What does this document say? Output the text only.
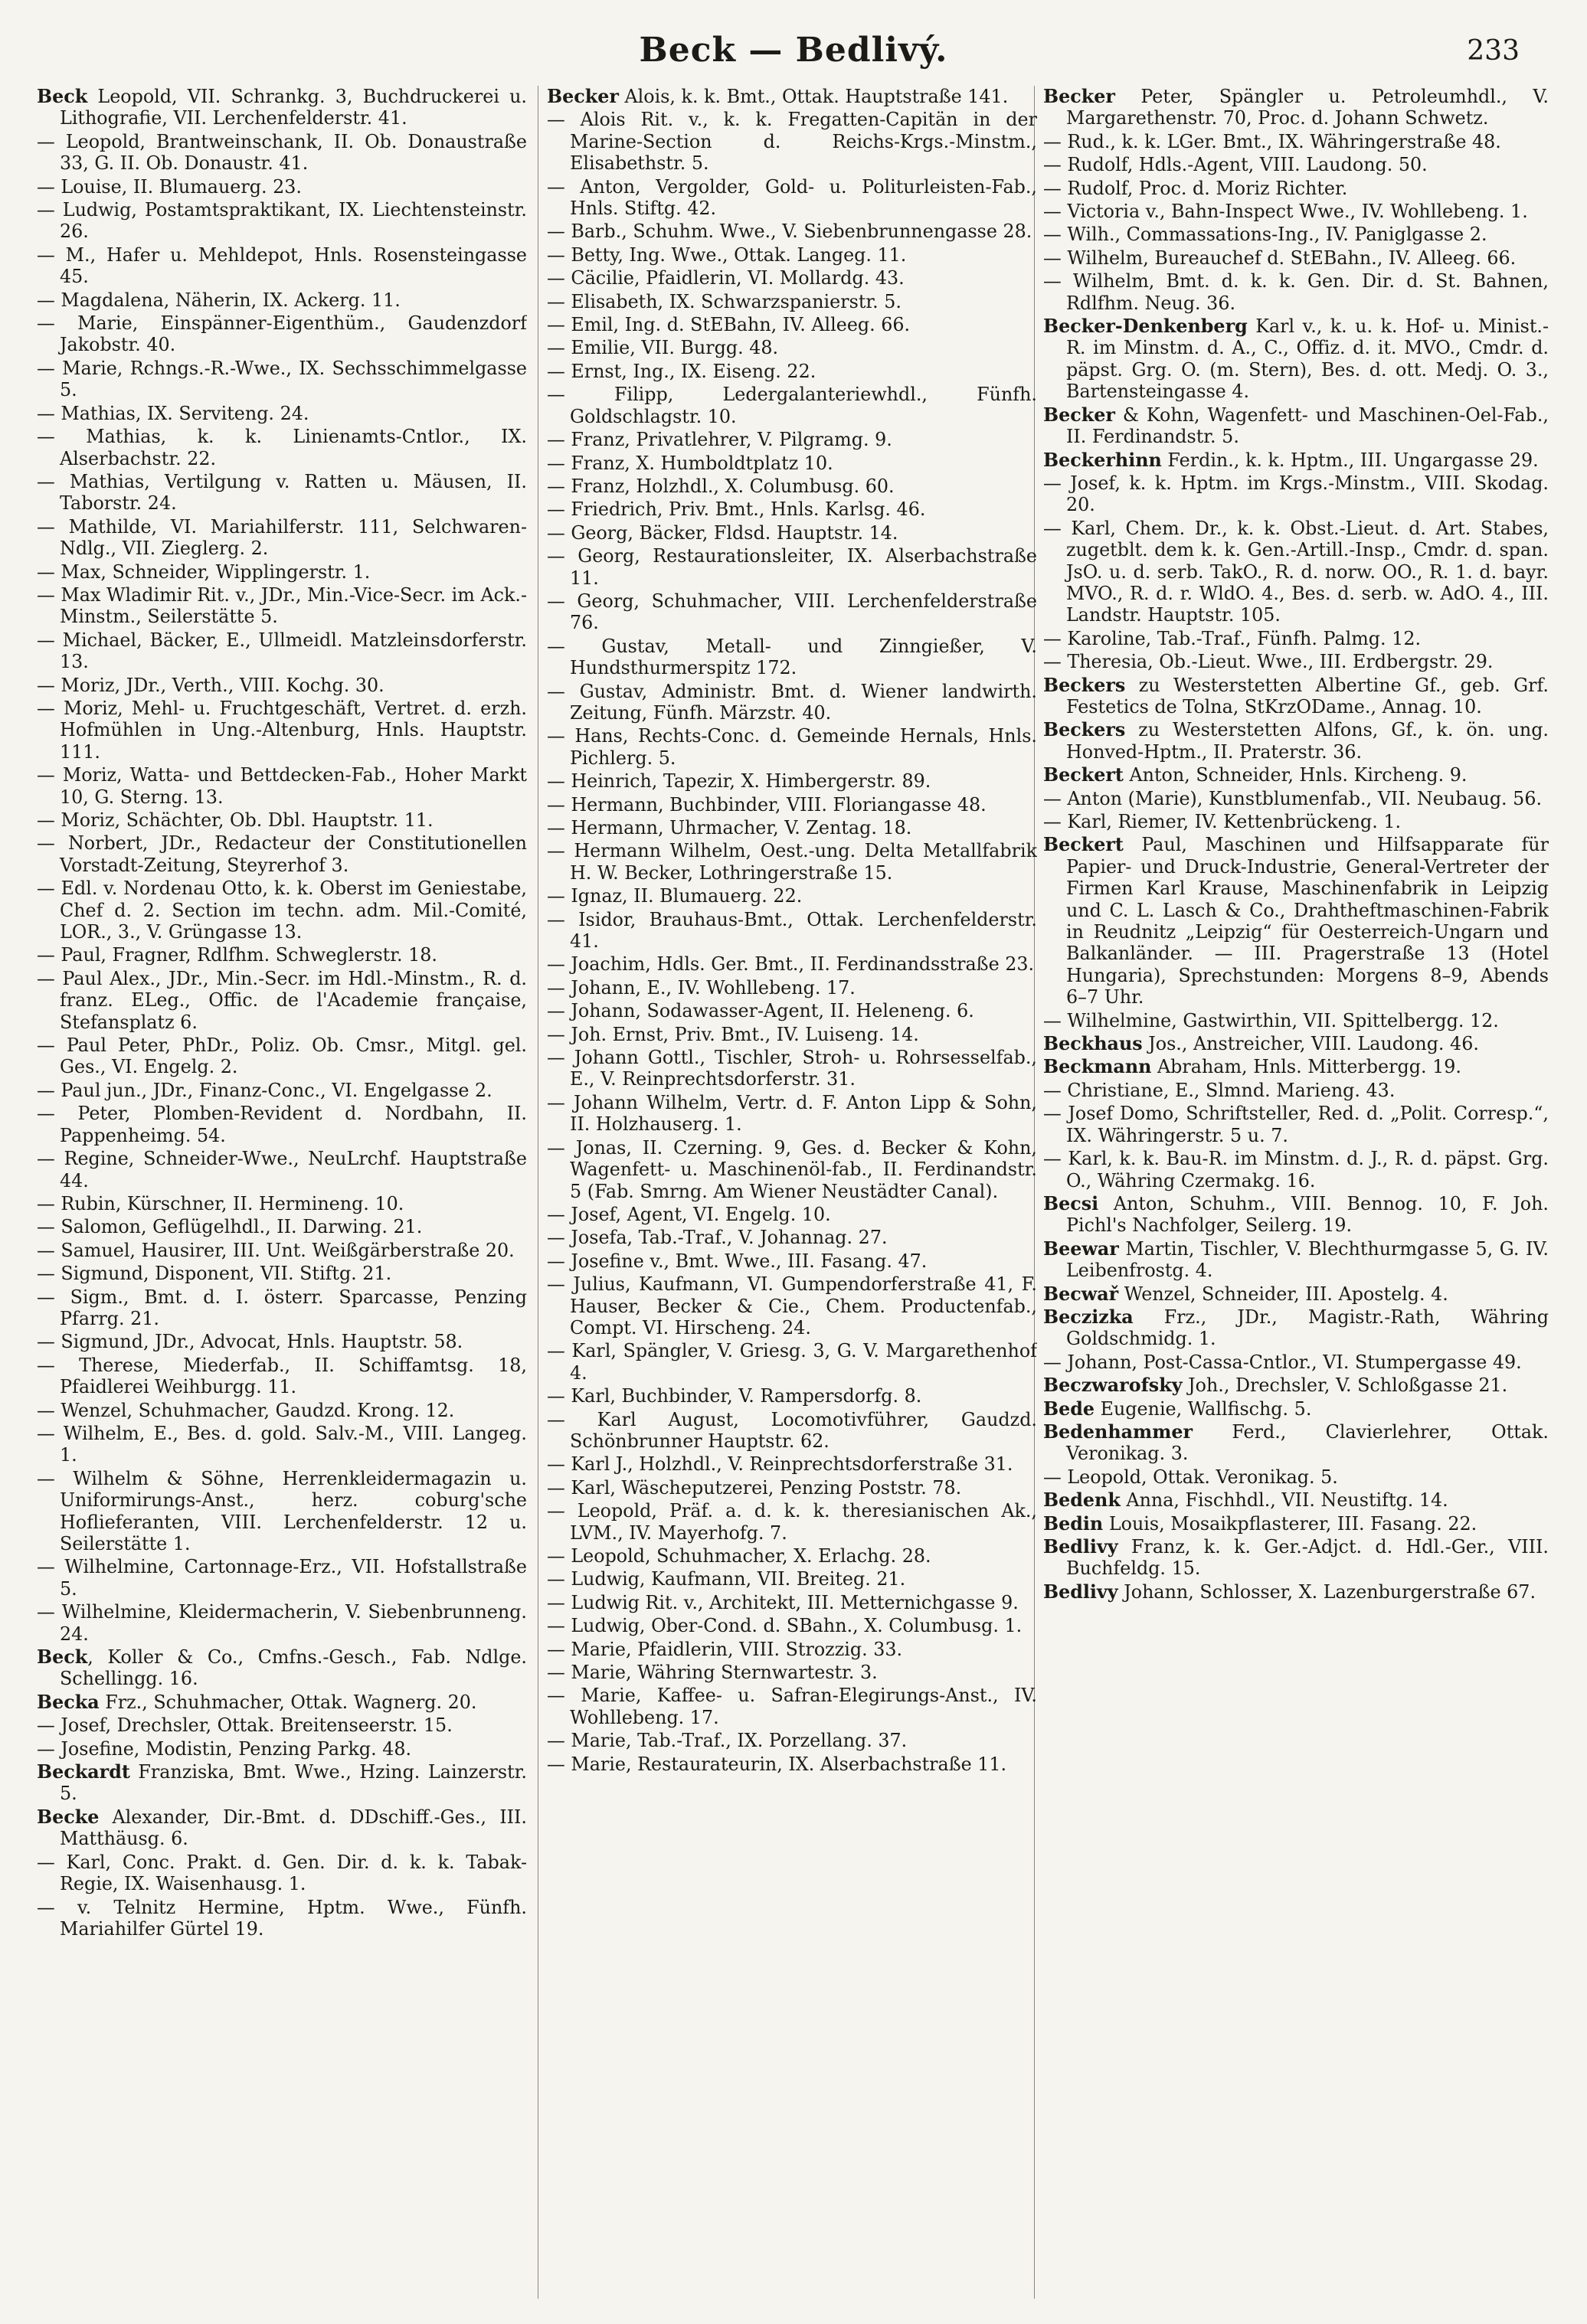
Beck — Bedlivý.	233

Beck Leopold, VII. Schrankg. 3, Buchdruckerei u. Lithografie, VII. Lerchenfelderstr. 41.

— Leopold, Brantweinschank, II. Ob. Donaustraße 33, G. II. Ob. Donaustr. 41.

— Louise, II. Blumauerg. 23.

— Ludwig, Postamtspraktikant, IX. Liechtensteinstr. 26.

— M., Hafer u. Mehldepot, Hnls. Rosensteingasse 45.

— Magdalena, Näherin, IX. Ackerg. 11.

— Marie, Einspänner-Eigenthüm., Gaudenzdorf Jakobstr. 40.

— Marie, Rchngs.-R.-Wwe., IX. Sechsschimmelgasse 5.

— Mathias, IX. Serviteng. 24.

— Mathias, k. k. Linienamts-Cntlor., IX. Alserbachstr. 22.

— Mathias, Vertilgung v. Ratten u. Mäusen, II. Taborstr. 24.

— Mathilde, VI. Mariahilferstr. 111, Selchwaren-Ndlg., VII. Zieglerg. 2.

— Max, Schneider, Wipplingerstr. 1.

— Max Wladimir Rit. v., JDr., Min.-Vice-Secr. im Ack.-Minstm., Seilerstätte 5.

— Michael, Bäcker, E., Ullmeidl. Matzleinsdorferstr. 13.

— Moriz, JDr., Verth., VIII. Kochg. 30.

— Moriz, Mehl- u. Fruchtgeschäft, Vertret. d. erzh. Hofmühlen in Ung.-Altenburg, Hnls. Hauptstr. 111.

— Moriz, Watta- und Bettdecken-Fab., Hoher Markt 10, G. Sterng. 13.

— Moriz, Schächter, Ob. Dbl. Hauptstr. 11.

— Norbert, JDr., Redacteur der Constitutionellen Vorstadt-Zeitung, Steyrerhof 3.

— Edl. v. Nordenau Otto, k. k. Oberst im Geniestabe, Chef d. 2. Section im techn. adm. Mil.-Comité, LOR., 3., V. Grüngasse 13.

— Paul, Fragner, Rdlfhm. Schweglerstr. 18.

— Paul Alex., JDr., Min.-Secr. im Hdl.-Minstm., R. d. franz. ELeg., Offic. de l'Academie française, Stefansplatz 6.

— Paul Peter, PhDr., Poliz. Ob. Cmsr., Mitgl. gel. Ges., VI. Engelg. 2.

— Paul jun., JDr., Finanz-Conc., VI. Engelgasse 2.

— Peter, Plomben-Revident d. Nordbahn, II. Pappenheimg. 54.

— Regine, Schneider-Wwe., NeuLrchf. Hauptstraße 44.

— Rubin, Kürschner, II. Hermineng. 10.

— Salomon, Geflügelhdl., II. Darwing. 21.

— Samuel, Hausirer, III. Unt. Weißgärberstraße 20.

— Sigmund, Disponent, VII. Stiftg. 21.

— Sigm., Bmt. d. I. österr. Sparcasse, Penzing Pfarrg. 21.

— Sigmund, JDr., Advocat, Hnls. Hauptstr. 58.

— Therese, Miederfab., II. Schiffamtsg. 18, Pfaidlerei Weihburgg. 11.

— Wenzel, Schuhmacher, Gaudzd. Krong. 12.

— Wilhelm, E., Bes. d. gold. Salv.-M., VIII. Langeg. 1.

— Wilhelm & Söhne, Herrenkleidermagazin u. Uniformirungs-Anst., herz. coburg'sche Hoflieferanten, VIII. Lerchenfelderstr. 12 u. Seilerstätte 1.

— Wilhelmine, Cartonnage-Erz., VII. Hofstallstraße 5.

— Wilhelmine, Kleidermacherin, V. Siebenbrunneng. 24.

Beck, Koller & Co., Cmfns.-Gesch., Fab. Ndlge. Schellingg. 16.

Becka Frz., Schuhmacher, Ottak. Wagnerg. 20.

— Josef, Drechsler, Ottak. Breitenseerstr. 15.

— Josefine, Modistin, Penzing Parkg. 48.

Beckardt Franziska, Bmt. Wwe., Hzing. Lainzerstr. 5.

Becke Alexander, Dir.-Bmt. d. DDschiff.-Ges., III. Matthäusg. 6.

— Karl, Conc. Prakt. d. Gen. Dir. d. k. k. Tabak-Regie, IX. Waisenhausg. 1.

— v. Telnitz Hermine, Hptm. Wwe., Fünfh. Mariahilfer Gürtel 19.

Becker Alois, k. k. Bmt., Ottak. Hauptstraße 141.

— Alois Rit. v., k. k. Fregatten-Capitän in der Marine-Section d. Reichs-Krgs.-Minstm., Elisabethstr. 5.

— Anton, Vergolder, Gold- u. Politurleisten-Fab., Hnls. Stiftg. 42.

— Barb., Schuhm. Wwe., V. Siebenbrunnengasse 28.

— Betty, Ing. Wwe., Ottak. Langeg. 11.

— Cäcilie, Pfaidlerin, VI. Mollardg. 43.

— Elisabeth, IX. Schwarzspanierstr. 5.

— Emil, Ing. d. StEBahn, IV. Alleeg. 66.

— Emilie, VII. Burgg. 48.

— Ernst, Ing., IX. Eiseng. 22.

— Filipp, Ledergalanteriewhdl., Fünfh. Goldschlagstr. 10.

— Franz, Privatlehrer, V. Pilgramg. 9.

— Franz, X. Humboldtplatz 10.

— Franz, Holzhdl., X. Columbusg. 60.

— Friedrich, Priv. Bmt., Hnls. Karlsg. 46.

— Georg, Bäcker, Fldsd. Hauptstr. 14.

— Georg, Restaurationsleiter, IX. Alserbachstraße 11.

— Georg, Schuhmacher, VIII. Lerchenfelderstraße 76.

— Gustav, Metall- und Zinngießer, V. Hundsthurmerspitz 172.

— Gustav, Administr. Bmt. d. Wiener landwirth. Zeitung, Fünfh. Märzstr. 40.

— Hans, Rechts-Conc. d. Gemeinde Hernals, Hnls. Pichlerg. 5.

— Heinrich, Tapezir, X. Himbergerstr. 89.

— Hermann, Buchbinder, VIII. Floriangasse 48.

— Hermann, Uhrmacher, V. Zentag. 18.

— Hermann Wilhelm, Oest.-ung. Delta Metallfabrik H. W. Becker, Lothringerstraße 15.

— Ignaz, II. Blumauerg. 22.

— Isidor, Brauhaus-Bmt., Ottak. Lerchenfelderstr. 41.

— Joachim, Hdls. Ger. Bmt., II. Ferdinandsstraße 23.

— Johann, E., IV. Wohllebeng. 17.

— Johann, Sodawasser-Agent, II. Heleneng. 6.

— Joh. Ernst, Priv. Bmt., IV. Luiseng. 14.

— Johann Gottl., Tischler, Stroh- u. Rohrsesselfab., E., V. Reinprechtsdorferstr. 31.

— Johann Wilhelm, Vertr. d. F. Anton Lipp & Sohn, II. Holzhauserg. 1.

— Jonas, II. Czerning. 9, Ges. d. Becker & Kohn, Wagenfett- u. Maschinenöl-fab., II. Ferdinandstr. 5 (Fab. Smrng. Am Wiener Neustädter Canal).

— Josef, Agent, VI. Engelg. 10.

— Josefa, Tab.-Traf., V. Johannag. 27.

— Josefine v., Bmt. Wwe., III. Fasang. 47.

— Julius, Kaufmann, VI. Gumpendorferstraße 41, F. Hauser, Becker & Cie., Chem. Productenfab., Compt. VI. Hirscheng. 24.

— Karl, Spängler, V. Griesg. 3, G. V. Margarethenhof 4.

— Karl, Buchbinder, V. Rampersdorfg. 8.

— Karl August, Locomotivführer, Gaudzd. Schönbrunner Hauptstr. 62.

— Karl J., Holzhdl., V. Reinprechtsdorferstraße 31.

— Karl, Wäscheputzerei, Penzing Poststr. 78.

— Leopold, Präf. a. d. k. k. theresianischen Ak., LVM., IV. Mayerhofg. 7.

— Leopold, Schuhmacher, X. Erlachg. 28.

— Ludwig, Kaufmann, VII. Breiteg. 21.

— Ludwig Rit. v., Architekt, III. Metternichgasse 9.

— Ludwig, Ober-Cond. d. SBahn., X. Columbusg. 1.

— Marie, Pfaidlerin, VIII. Strozzig. 33.

— Marie, Währing Sternwartestr. 3.

— Marie, Kaffee- u. Safran-Elegirungs-Anst., IV. Wohllebeng. 17.

— Marie, Tab.-Traf., IX. Porzellang. 37.

— Marie, Restaurateurin, IX. Alserbachstraße 11.

Becker Peter, Spängler u. Petroleumhdl., V. Margarethenstr. 70, Proc. d. Johann Schwetz.

— Rud., k. k. LGer. Bmt., IX. Währingerstraße 48.

— Rudolf, Hdls.-Agent, VIII. Laudong. 50.

— Rudolf, Proc. d. Moriz Richter.

— Victoria v., Bahn-Inspect Wwe., IV. Wohllebeng. 1.

— Wilh., Commassations-Ing., IV. Paniglgasse 2.

— Wilhelm, Bureauchef d. StEBahn., IV. Alleeg. 66.

— Wilhelm, Bmt. d. k. k. Gen. Dir. d. St. Bahnen, Rdlfhm. Neug. 36.

Becker-Denkenberg Karl v., k. u. k. Hof- u. Minist.-R. im Minstm. d. A., C., Offiz. d. it. MVO., Cmdr. d. päpst. Grg. O. (m. Stern), Bes. d. ott. Medj. O. 3., Bartensteingasse 4.

Becker & Kohn, Wagenfett- und Maschinen-Oel-Fab., II. Ferdinandstr. 5.

Beckerhinn Ferdin., k. k. Hptm., III. Ungargasse 29.

— Josef, k. k. Hptm. im Krgs.-Minstm., VIII. Skodag. 20.

— Karl, Chem. Dr., k. k. Obst.-Lieut. d. Art. Stabes, zugetblt. dem k. k. Gen.-Artill.-Insp., Cmdr. d. span. JsO. u. d. serb. TakO., R. d. norw. OO., R. 1. d. bayr. MVO., R. d. r. WldO. 4., Bes. d. serb. w. AdO. 4., III. Landstr. Hauptstr. 105.

— Karoline, Tab.-Traf., Fünfh. Palmg. 12.

— Theresia, Ob.-Lieut. Wwe., III. Erdbergstr. 29.

Beckers zu Westerstetten Albertine Gf., geb. Grf. Festetics de Tolna, StKrzODame., Annag. 10.

Beckers zu Westerstetten Alfons, Gf., k. ön. ung. Honved-Hptm., II. Praterstr. 36.

Beckert Anton, Schneider, Hnls. Kircheng. 9.

— Anton (Marie), Kunstblumenfab., VII. Neubaug. 56.

— Karl, Riemer, IV. Kettenbrückeng. 1.

Beckert Paul, Maschinen und Hilfsapparate für Papier- und Druck-Industrie, General-Vertreter der Firmen Karl Krause, Maschinenfabrik in Leipzig und C. L. Lasch & Co., Drahtheftmaschinen-Fabrik in Reudnitz „Leipzig“ für Oesterreich-Ungarn und Balkanländer. — III. Pragerstraße 13 (Hotel Hungaria), Sprechstunden: Morgens 8–9, Abends 6–7 Uhr.

— Wilhelmine, Gastwirthin, VII. Spittelbergg. 12.

Beckhaus Jos., Anstreicher, VIII. Laudong. 46.

Beckmann Abraham, Hnls. Mitterbergg. 19.

— Christiane, E., Slmnd. Marieng. 43.

— Josef Domo, Schriftsteller, Red. d. „Polit. Corresp.“, IX. Währingerstr. 5 u. 7.

— Karl, k. k. Bau-R. im Minstm. d. J., R. d. päpst. Grg. O., Währing Czermakg. 16.

Becsi Anton, Schuhm., VIII. Bennog. 10, F. Joh. Pichl's Nachfolger, Seilerg. 19.

Beewar Martin, Tischler, V. Blechthurmgasse 5, G. IV. Leibenfrostg. 4.

Becwař Wenzel, Schneider, III. Apostelg. 4.

Beczizka Frz., JDr., Magistr.-Rath, Währing Goldschmidg. 1.

— Johann, Post-Cassa-Cntlor., VI. Stumpergasse 49.

Beczwarofsky Joh., Drechsler, V. Schloßgasse 21.

Bede Eugenie, Wallfischg. 5.

Bedenhammer Ferd., Clavierlehrer, Ottak. Veronikag. 3.

— Leopold, Ottak. Veronikag. 5.

Bedenk Anna, Fischhdl., VII. Neustiftg. 14.

Bedin Louis, Mosaikpflasterer, III. Fasang. 22.

Bedlivy Franz, k. k. Ger.-Adjct. d. Hdl.-Ger., VIII. Buchfeldg. 15.

Bedlivy Johann, Schlosser, X. Lazenburgerstraße 67.
